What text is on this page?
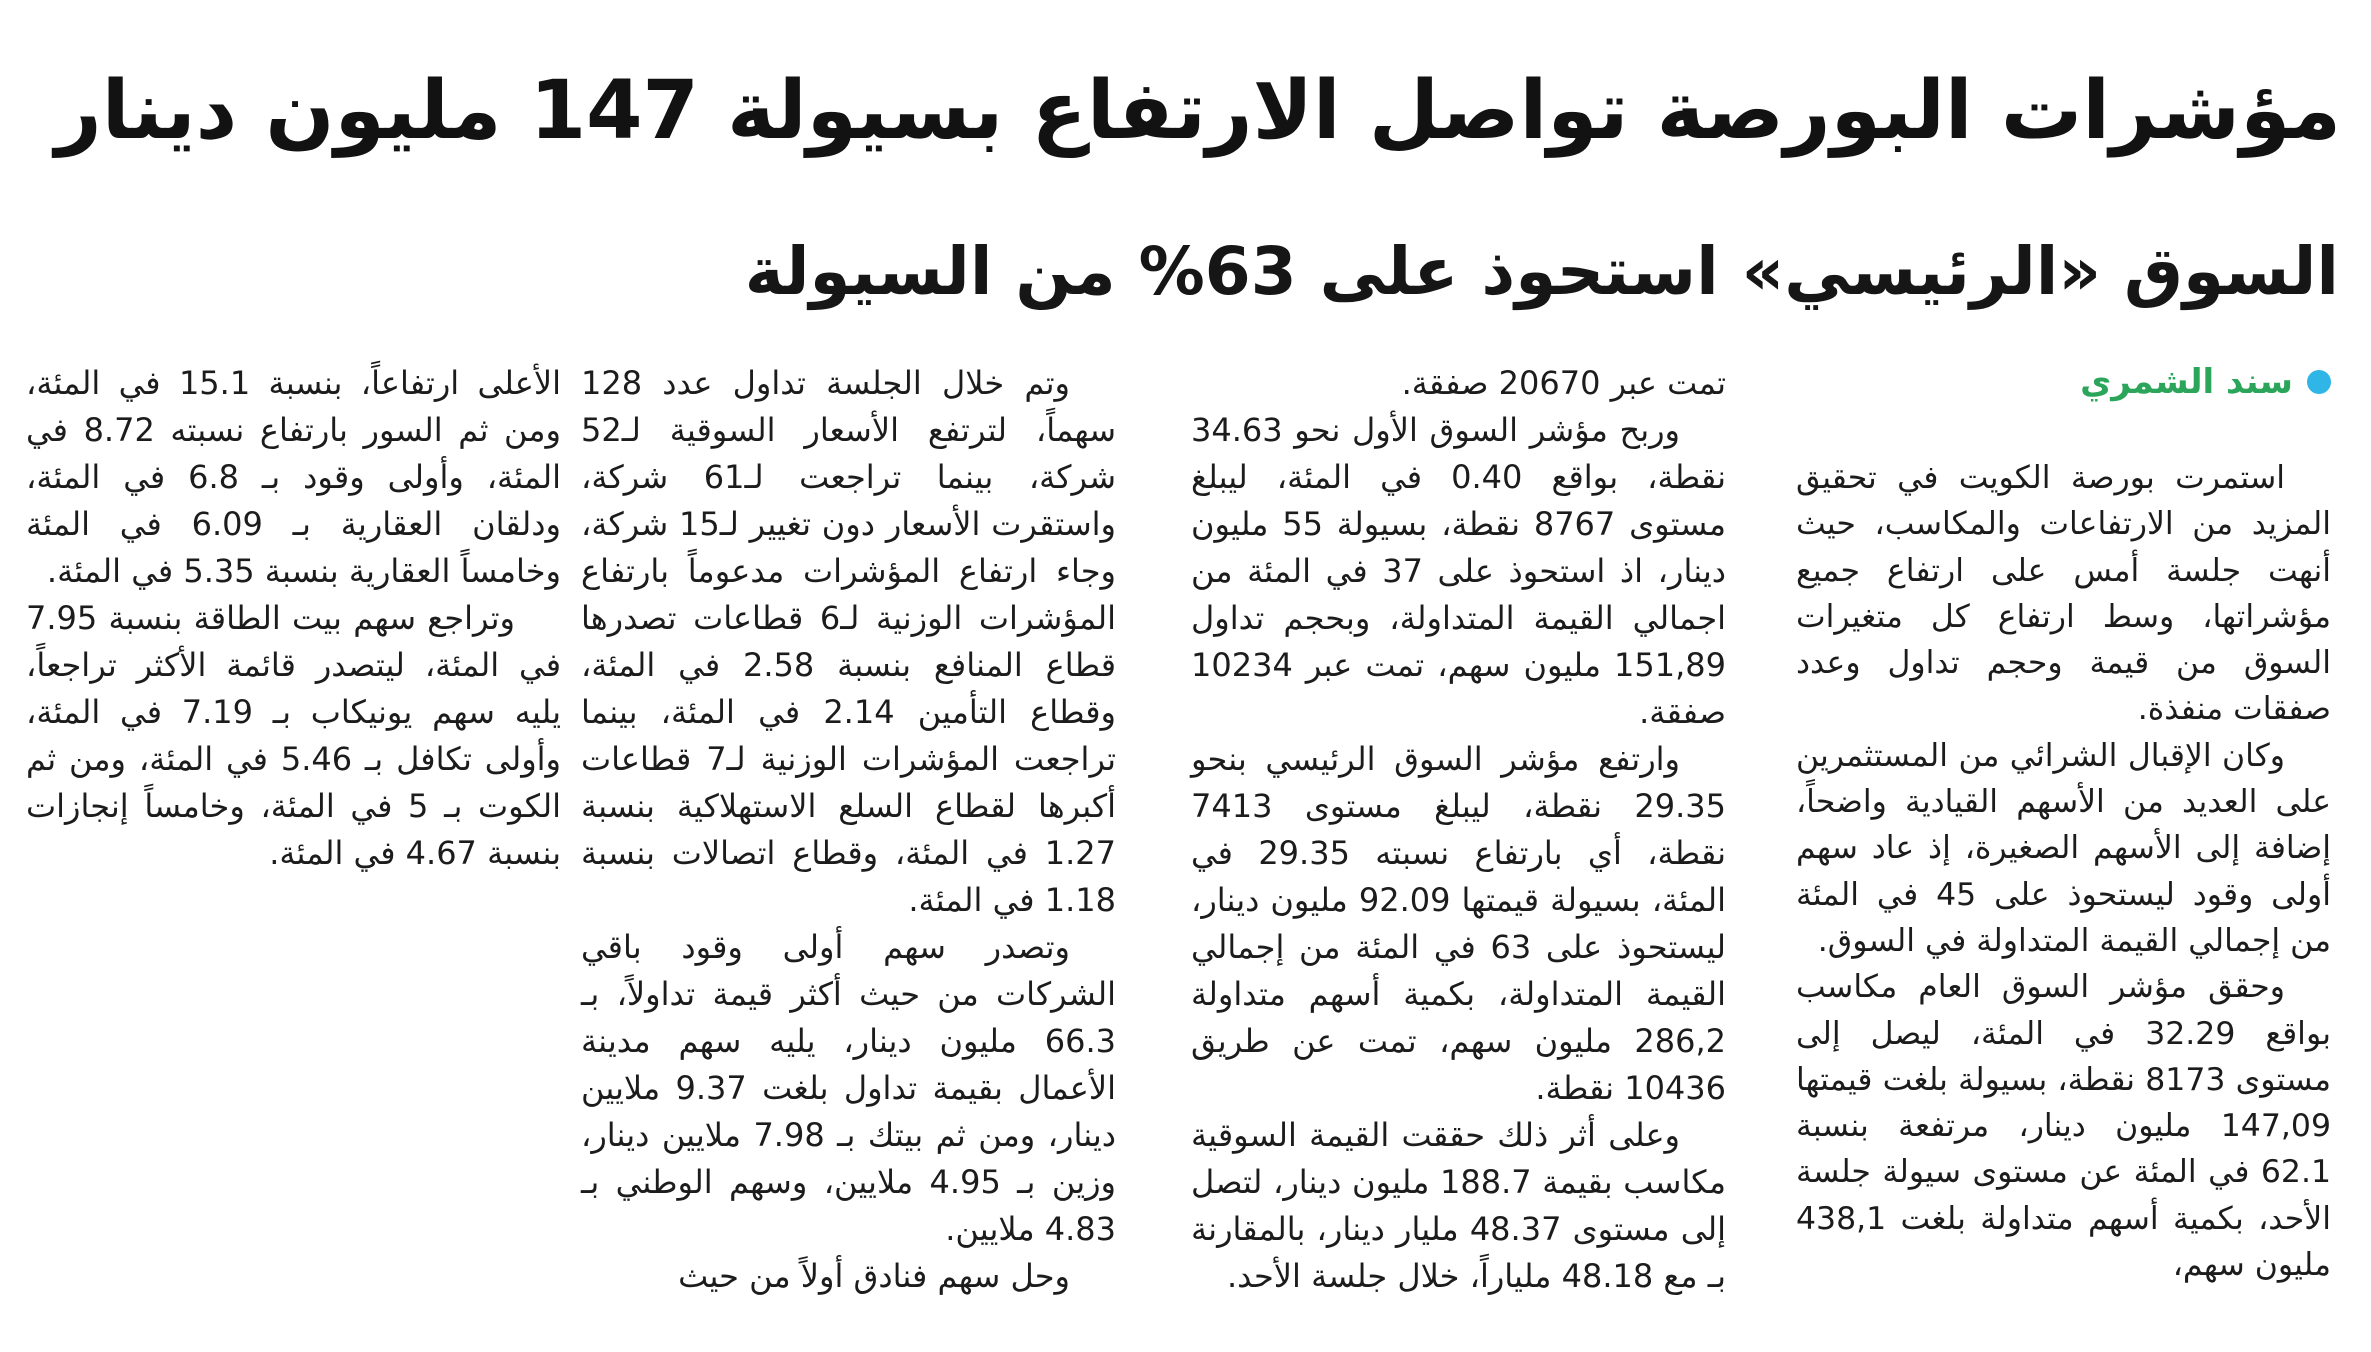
مؤشرات البورصة تواصل الارتفاع بسيولة 147 مليون دينار
السوق «الرئيسي» استحوذ على 63% من السيولة
سند الشمري

استمرت بورصة الكويت في تحقيق المزيد من الارتفاعات والمكاسب، حيث أنهت جلسة أمس على ارتفاع جميع مؤشراتها، وسط ارتفاع كل متغيرات السوق من قيمة وحجم تداول وعدد صفقات منفذة.

وكان الإقبال الشرائي من المستثمرين على العديد من الأسهم القيادية واضحاً، إضافة إلى الأسهم الصغيرة، إذ عاد سهم أولى وقود ليستحوذ على 45 في المئة من إجمالي القيمة المتداولة في السوق.

وحقق مؤشر السوق العام مكاسب بواقع 32.29 في المئة، ليصل إلى مستوى 8173 نقطة، بسيولة بلغت قيمتها 147,09 مليون دينار، مرتفعة بنسبة 62.1 في المئة عن مستوى سيولة جلسة الأحد، بكمية أسهم متداولة بلغت 438,1 مليون سهم،

تمت عبر 20670 صفقة.

وربح مؤشر السوق الأول نحو 34.63 نقطة، بواقع 0.40 في المئة، ليبلغ مستوى 8767 نقطة، بسيولة 55 مليون دينار، اذ استحوذ على 37 في المئة من اجمالي القيمة المتداولة، وبحجم تداول 151,89 مليون سهم، تمت عبر 10234 صفقة.

وارتفع مؤشر السوق الرئيسي بنحو 29.35 نقطة، ليبلغ مستوى 7413 نقطة، أي بارتفاع نسبته 29.35 في المئة، بسيولة قيمتها 92.09 مليون دينار، ليستحوذ على 63 في المئة من إجمالي القيمة المتداولة، بكمية أسهم متداولة 286,2 مليون سهم، تمت عن طريق 10436 نقطة.

وعلى أثر ذلك حققت القيمة السوقية مكاسب بقيمة 188.7 مليون دينار، لتصل إلى مستوى 48.37 مليار دينار، بالمقارنة بـ مع 48.18 ملياراً، خلال جلسة الأحد.

وتم خلال الجلسة تداول عدد 128 سهماً، لترتفع الأسعار السوقية لـ52 شركة، بينما تراجعت لـ61 شركة، واستقرت الأسعار دون تغيير لـ15 شركة، وجاء ارتفاع المؤشرات مدعوماً بارتفاع المؤشرات الوزنية لـ6 قطاعات تصدرها قطاع المنافع بنسبة 2.58 في المئة، وقطاع التأمين 2.14 في المئة، بينما تراجعت المؤشرات الوزنية لـ7 قطاعات أكبرها لقطاع السلع الاستهلاكية بنسبة 1.27 في المئة، وقطاع اتصالات بنسبة 1.18 في المئة.

وتصدر سهم أولى وقود باقي الشركات من حيث أكثر قيمة تداولاً، بـ 66.3 مليون دينار، يليه سهم مدينة الأعمال بقيمة تداول بلغت 9.37 ملايين دينار، ومن ثم بيتك بـ 7.98 ملايين دينار، وزين بـ 4.95 ملايين، وسهم الوطني بـ 4.83 ملايين.

وحل سهم فنادق أولاً من حيث

الأعلى ارتفاعاً، بنسبة 15.1 في المئة، ومن ثم السور بارتفاع نسبته 8.72 في المئة، وأولى وقود بـ 6.8 في المئة، ودلقان العقارية بـ 6.09 في المئة وخامساً العقارية بنسبة 5.35 في المئة.

وتراجع سهم بيت الطاقة بنسبة 7.95 في المئة، ليتصدر قائمة الأكثر تراجعاً، يليه سهم يونيكاب بـ 7.19 في المئة، وأولى تكافل بـ 5.46 في المئة، ومن ثم الكوت بـ 5 في المئة، وخامساً إنجازات بنسبة 4.67 في المئة.
